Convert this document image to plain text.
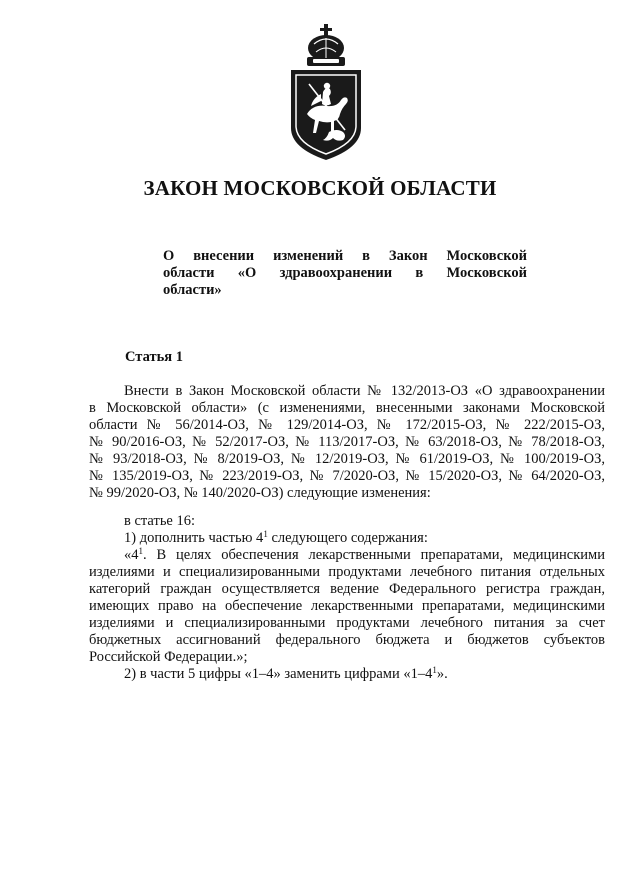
ЗАКОН МОСКОВСКОЙ ОБЛАСТИ
О внесении изменений в Закон Московской
области «О здравоохранении в Московской
области»
Статья 1
Внести в Закон Московской области № 132/2013-ОЗ «О здравоохранении
в Московской области» (с изменениями, внесенными законами Московской
области № 56/2014-ОЗ, № 129/2014-ОЗ, № 172/2015-ОЗ, № 222/2015-ОЗ,
№ 90/2016-ОЗ, № 52/2017-ОЗ, № 113/2017-ОЗ, № 63/2018-ОЗ, № 78/2018-ОЗ,
№ 93/2018-ОЗ, № 8/2019-ОЗ, № 12/2019-ОЗ, № 61/2019-ОЗ, № 100/2019-ОЗ,
№ 135/2019-ОЗ, № 223/2019-ОЗ, № 7/2020-ОЗ, № 15/2020-ОЗ, № 64/2020-ОЗ,
№ 99/2020-ОЗ, № 140/2020-ОЗ) следующие изменения:
в статье 16:
1) дополнить частью $4^1$ следующего содержания:
«$4^1$. В целях обеспечения лекарственными препаратами, медицинскими
изделиями и специализированными продуктами лечебного питания отдельных
категорий граждан осуществляется ведение Федерального регистра граждан,
имеющих право на обеспечение лекарственными препаратами, медицинскими
изделиями и специализированными продуктами лечебного питания за счет
бюджетных ассигнований федерального бюджета и бюджетов субъектов
Российской Федерации.»;
2) в части 5 цифры «1–4» заменить цифрами «$1-4^1$».
